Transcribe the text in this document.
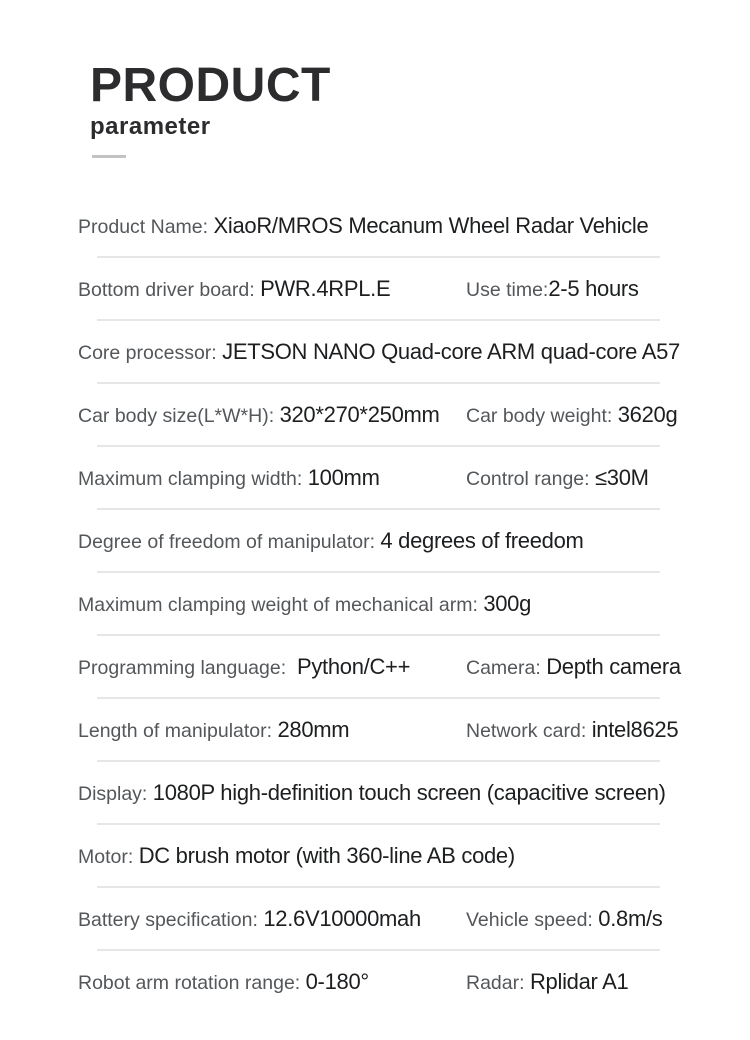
PRODUCT
parameter
Product Name: XiaoR/MROS Mecanum Wheel Radar Vehicle
Bottom driver board: PWR.4RPL.E	Use time:2-5 hours
Core processor: JETSON NANO Quad-core ARM quad-core A57
Car body size(L*W*H): 320*270*250mm Car body weight: 3620g
Maximum clamping width: 100mm	Control range: ≤30M
Degree of freedom of manipulator: 4 degrees of freedom
Maximum clamping weight of mechanical arm: 300g
Programming language:  Python/C++	Camera: Depth camera
Length of manipulator: 280mm	Network card: intel8625
Display: 1080P high-definition touch screen (capacitive screen)
Motor: DC brush motor (with 360-line AB code)
Battery specification: 12.6V10000mah Vehicle speed: 0.8m/s
Robot arm rotation range: 0-180°	Radar: Rplidar A1
